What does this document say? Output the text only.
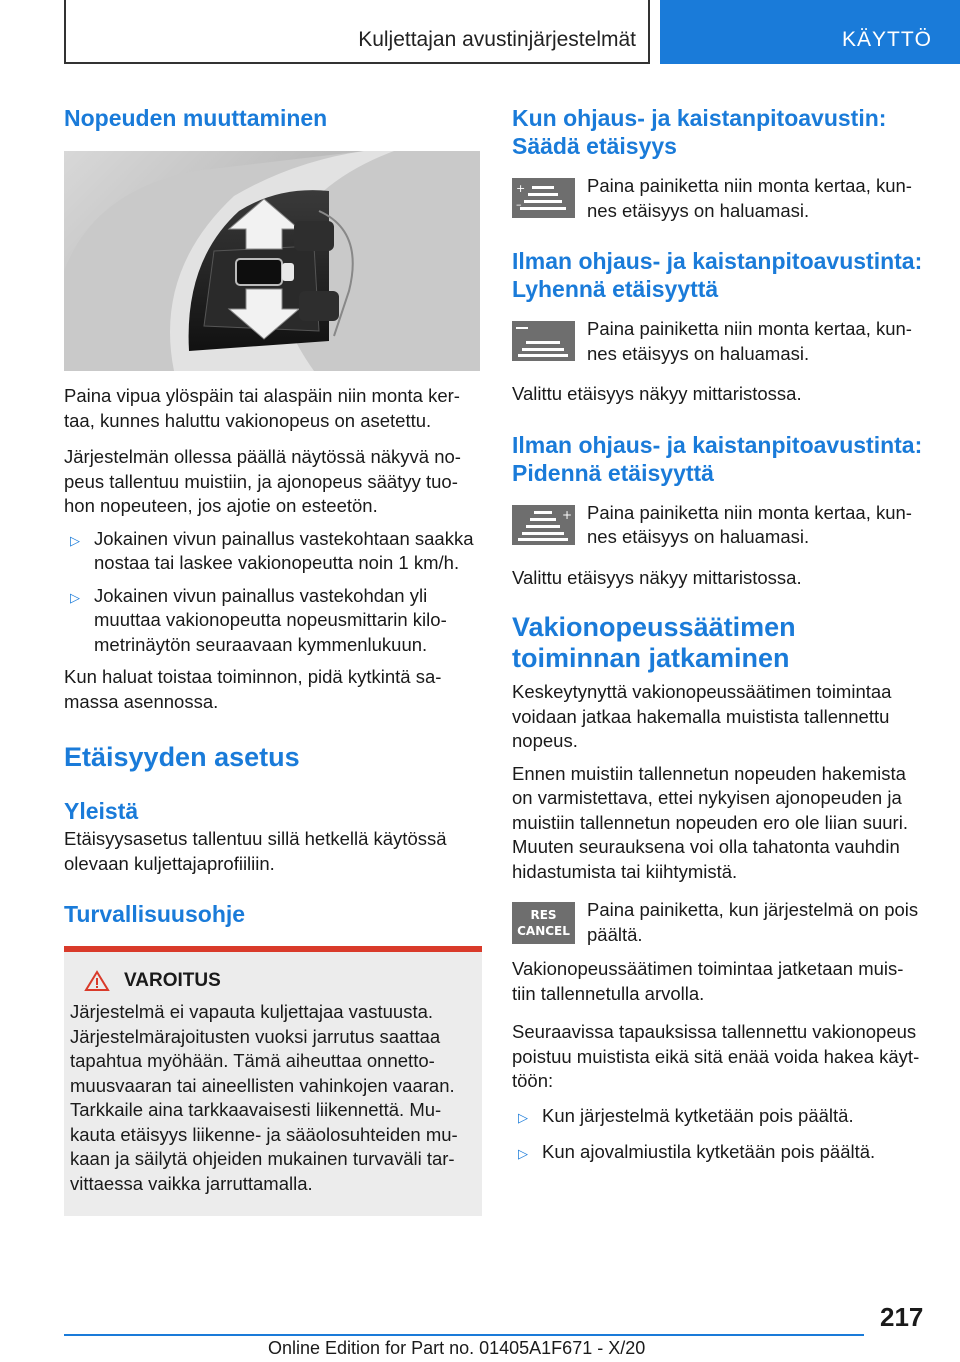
Kuljettajan avustinjärjestelmät	KÄYTTÖ
Nopeuden muuttaminen

Paina vipua ylöspäin tai alaspäin niin monta ker-taa, kunnes haluttu vakionopeus on asetettu.

Järjestelmän ollessa päällä näytössä näkyvä no-peus tallentuu muistiin, ja ajonopeus säätyy tuo-hon nopeuteen, jos ajotie on esteetön.

▷ Jokainen vivun painallus vastekohtaan saakka nostaa tai laskee vakionopeutta noin 1 km/h.
▷ Jokainen vivun painallus vastekohdan yli muuttaa vakionopeutta nopeusmittarin kilo-metrinäytön seuraavaan kymmenlukuun.

Kun haluat toistaa toiminnon, pidä kytkintä sa-massa asennossa.

Etäisyyden asetus
Yleistä

Etäisyysasetus tallentuu sillä hetkellä käytössä olevaan kuljettajaprofiiliin.

Turvallisuusohje
VAROITUS

Järjestelmä ei vapauta kuljettajaa vastuusta. Järjestelmärajoitusten vuoksi jarrutus saattaa tapahtua myöhään. Tämä aiheuttaa onnetto-muusvaaran tai aineellisten vahinkojen vaaran. Tarkkaile aina tarkkaavaisesti liikennettä. Mu-kauta etäisyys liikenne- ja sääolosuhteiden mu-kaan ja säilytä ohjeiden mukainen turvaväli tar-vittaessa vaikka jarruttamalla.

Kun ohjaus- ja kaistanpitoavustin: Säädä etäisyys
+
–

Paina painiketta niin monta kertaa, kun-nes etäisyys on haluamasi.

Ilman ohjaus- ja kaistanpitoavustinta: Lyhennä etäisyyttä

Paina painiketta niin monta kertaa, kun-nes etäisyys on haluamasi.

Valittu etäisyys näkyy mittaristossa.

Ilman ohjaus- ja kaistanpitoavustinta: Pidennä etäisyyttä
+ Paina painiketta niin monta kertaa, kun-nes etäisyys on haluamasi.

Valittu etäisyys näkyy mittaristossa.

Vakionopeussäätimen toiminnan jatkaminen

Keskeytynyttä vakionopeussäätimen toimintaa voidaan jatkaa hakemalla muistista tallennettu nopeus.

Ennen muistiin tallennetun nopeuden hakemista on varmistettava, ettei nykyisen ajonopeuden ja muistiin tallennetun nopeuden ero ole liian suuri. Muuten seurauksena voi olla tahatonta vauhdin hidastumista tai kiihtymistä.

RES
CANCEL

Paina painiketta, kun järjestelmä on pois päältä.

Vakionopeussäätimen toimintaa jatketaan muis-tiin tallennetulla arvolla.

Seuraavissa tapauksissa tallennettu vakionopeus poistuu muistista eikä sitä enää voida hakea käyt-töön:

▷ Kun järjestelmä kytketään pois päältä.
▷ Kun ajovalmiustila kytketään pois päältä.
217
Online Edition for Part no. 01405A1F671 - X/20
